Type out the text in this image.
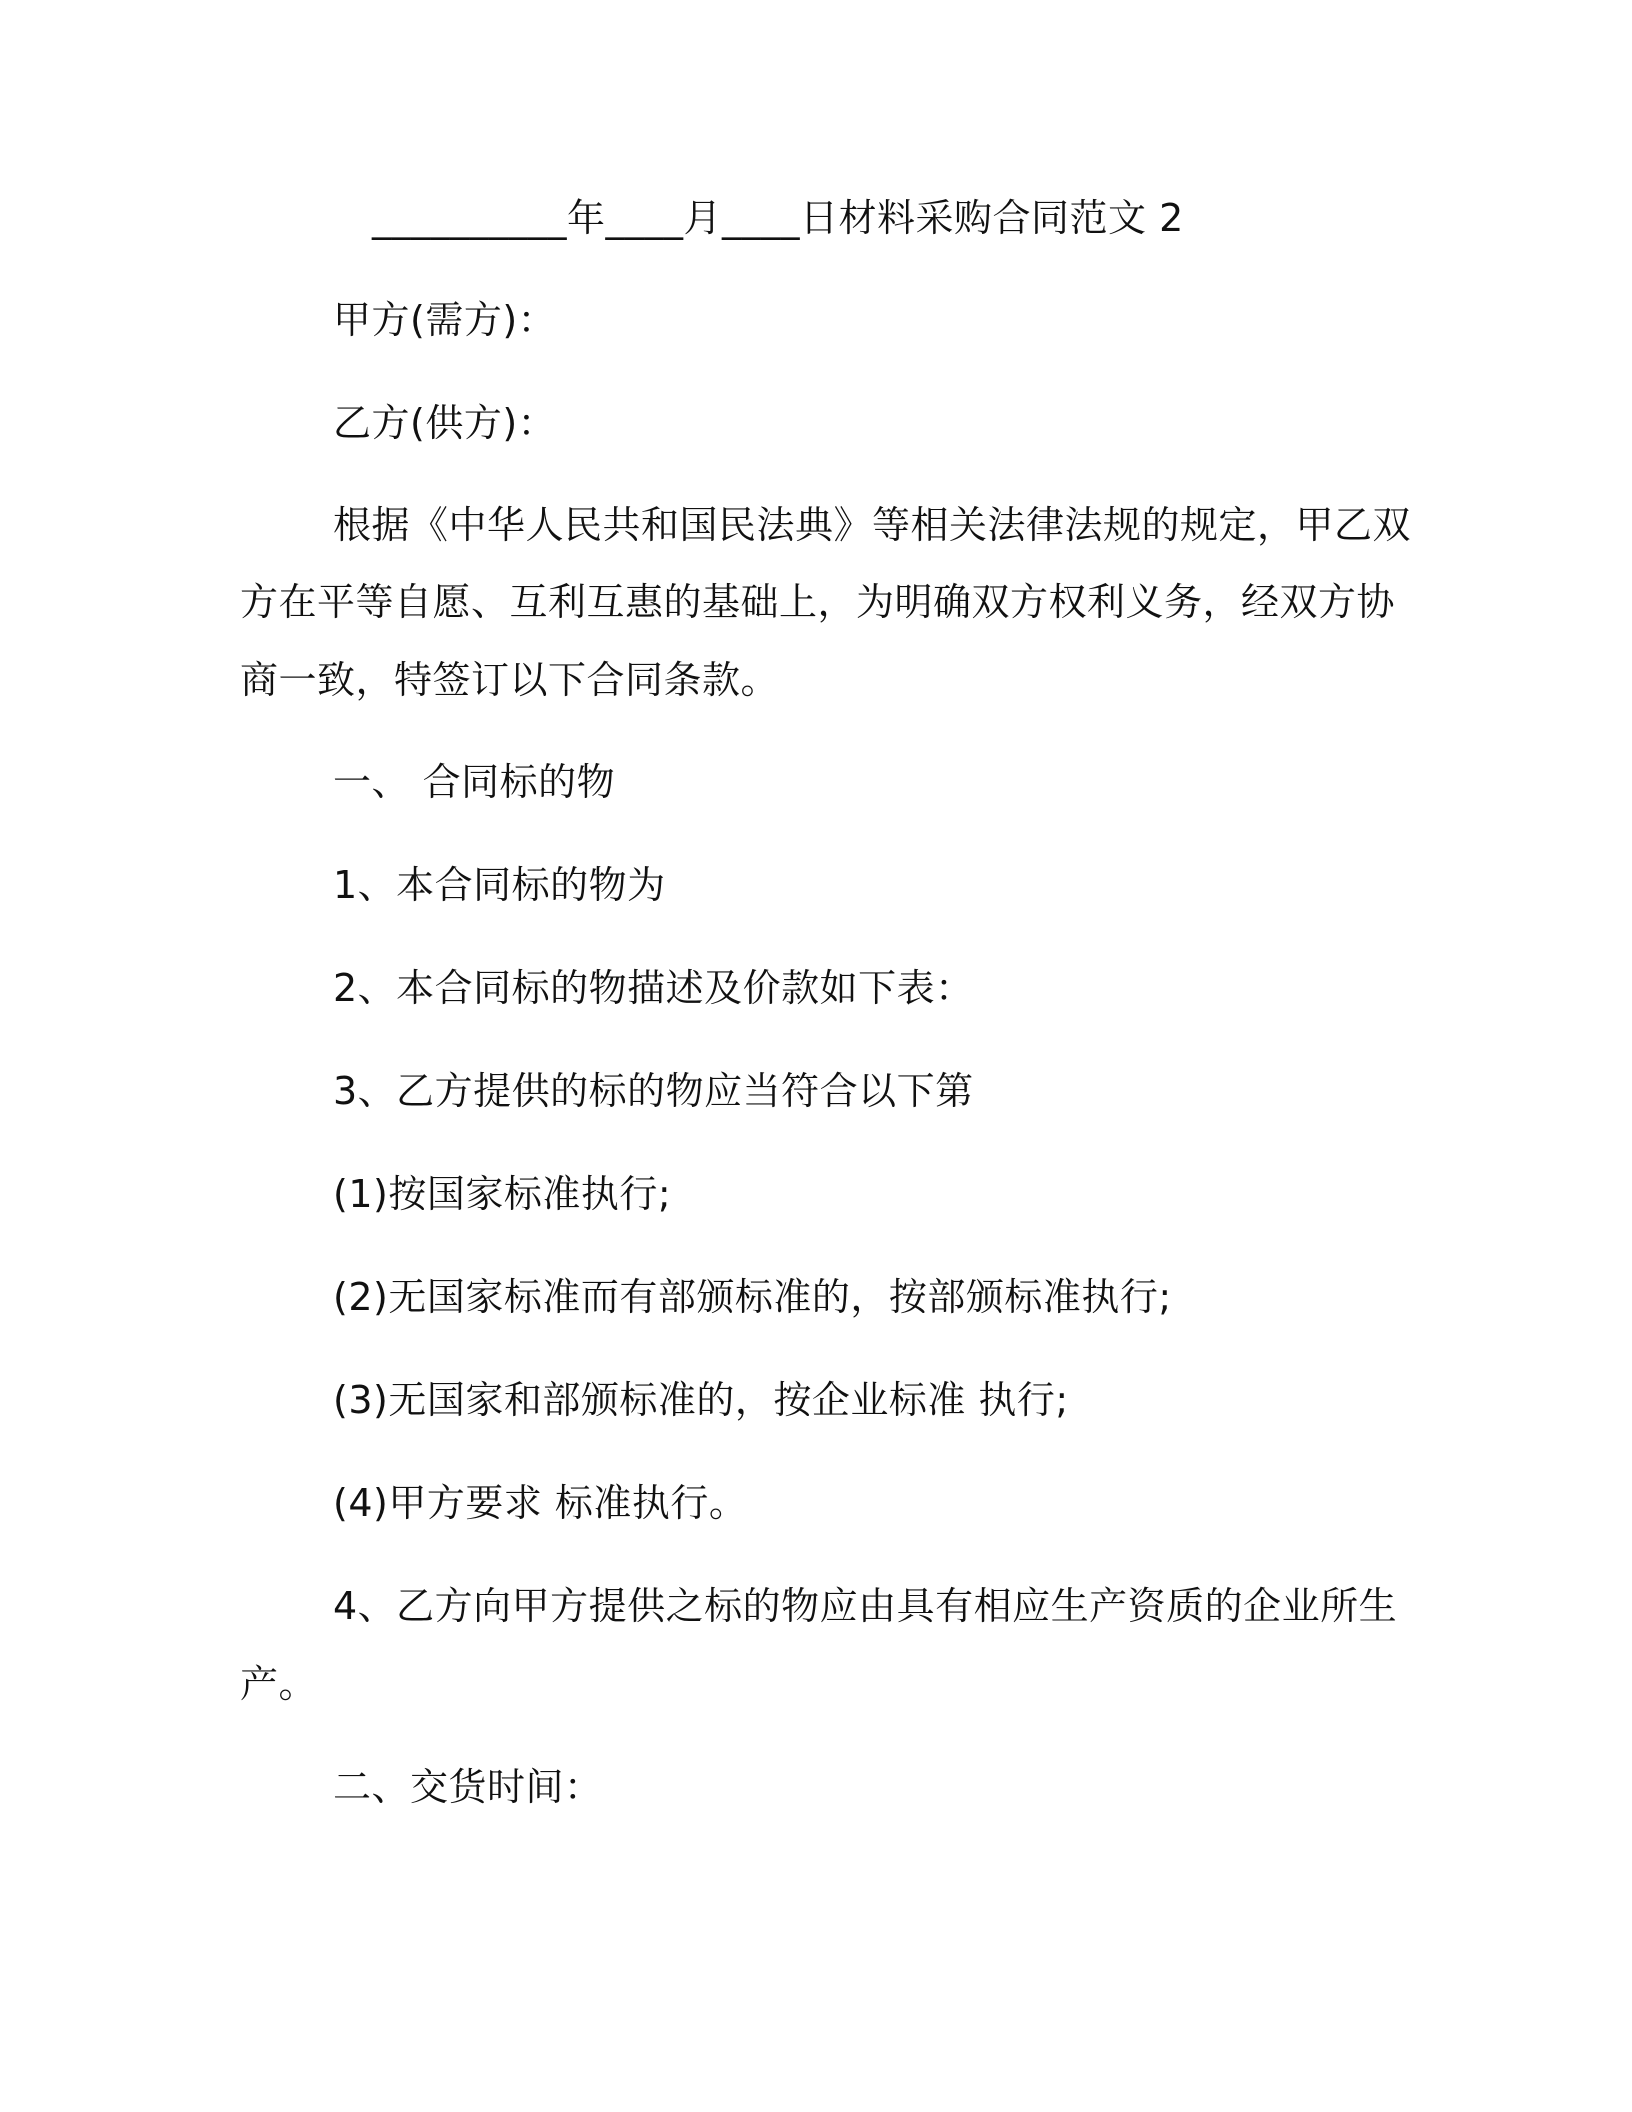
__________年____月____日材料采购合同范文 2
甲方(需方)：
乙方(供方)：
根据《中华人民共和国民法典》等相关法律法规的规定，甲乙双
方在平等自愿、互利互惠的基础上，为明确双方权利义务，经双方协
商一致，特签订以下合同条款。
一、 合同标的物
1、本合同标的物为
2、本合同标的物描述及价款如下表：
3、乙方提供的标的物应当符合以下第
(1)按国家标准执行;
(2)无国家标准而有部颁标准的，按部颁标准执行;
(3)无国家和部颁标准的，按企业标准 执行;
(4)甲方要求 标准执行。
4、乙方向甲方提供之标的物应由具有相应生产资质的企业所生
产。
二、交货时间：
